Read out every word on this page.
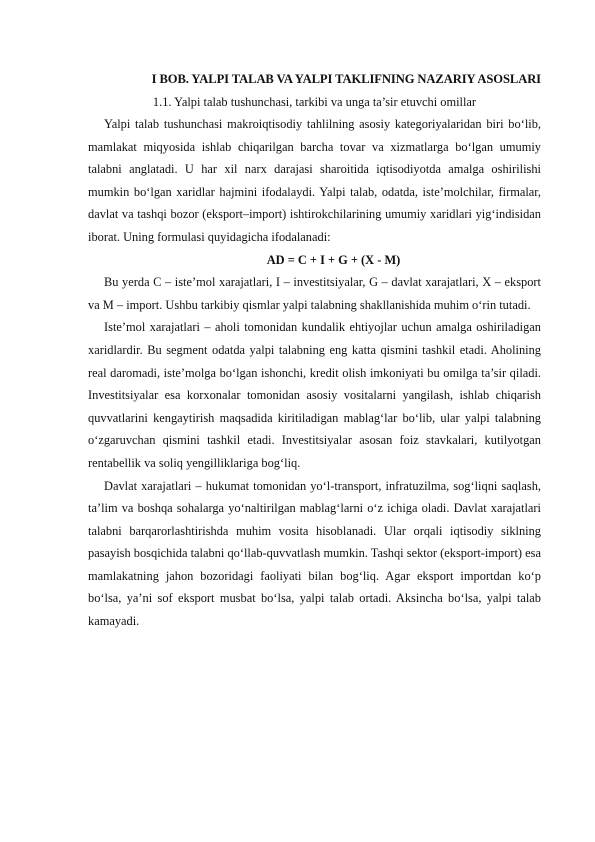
I BOB. YALPI TALAB VA YALPI TAKLIFNING NAZARIY ASOSLARI
1.1. Yalpi talab tushunchasi, tarkibi va unga ta’sir etuvchi omillar

Yalpi talab tushunchasi makroiqtisodiy tahlilning asosiy kategoriyalaridan biri bo‘lib, mamlakat miqyosida ishlab chiqarilgan barcha tovar va xizmatlarga bo‘lgan umumiy talabni anglatadi. U har xil narx darajasi sharoitida iqtisodiyotda amalga oshirilishi mumkin bo‘lgan xaridlar hajmini ifodalaydi. Yalpi talab, odatda, iste’molchilar, firmalar, davlat va tashqi bozor (eksport–import) ishtirokchilarining umumiy xaridlari yig‘indisidan iborat. Uning formulasi quyidagicha ifodalanadi:

AD = C + I + G + (X - M)

Bu yerda C – iste’mol xarajatlari, I – investitsiyalar, G – davlat xarajatlari, X – eksport va M – import. Ushbu tarkibiy qismlar yalpi talabning shakllanishida muhim o‘rin tutadi.

Iste’mol xarajatlari – aholi tomonidan kundalik ehtiyojlar uchun amalga oshiriladigan xaridlardir. Bu segment odatda yalpi talabning eng katta qismini tashkil etadi. Aholining real daromadi, iste’molga bo‘lgan ishonchi, kredit olish imkoniyati bu omilga ta’sir qiladi. Investitsiyalar esa korxonalar tomonidan asosiy vositalarni yangilash, ishlab chiqarish quvvatlarini kengaytirish maqsadida kiritiladigan mablag‘lar bo‘lib, ular yalpi talabning o‘zgaruvchan qismini tashkil etadi. Investitsiyalar asosan foiz stavkalari, kutilyotgan rentabellik va soliq yengilliklariga bog‘liq.

Davlat xarajatlari – hukumat tomonidan yo‘l-transport, infratuzilma, sog‘liqni saqlash, ta’lim va boshqa sohalarga yo‘naltirilgan mablag‘larni o‘z ichiga oladi. Davlat xarajatlari talabni barqarorlashtirishda muhim vosita hisoblanadi. Ular orqali iqtisodiy siklning pasayish bosqichida talabni qo‘llab-quvvatlash mumkin. Tashqi sektor (eksport-import) esa mamlakatning jahon bozoridagi faoliyati bilan bog‘liq. Agar eksport importdan ko‘p bo‘lsa, ya’ni sof eksport musbat bo‘lsa, yalpi talab ortadi. Aksincha bo‘lsa, yalpi talab kamayadi.
